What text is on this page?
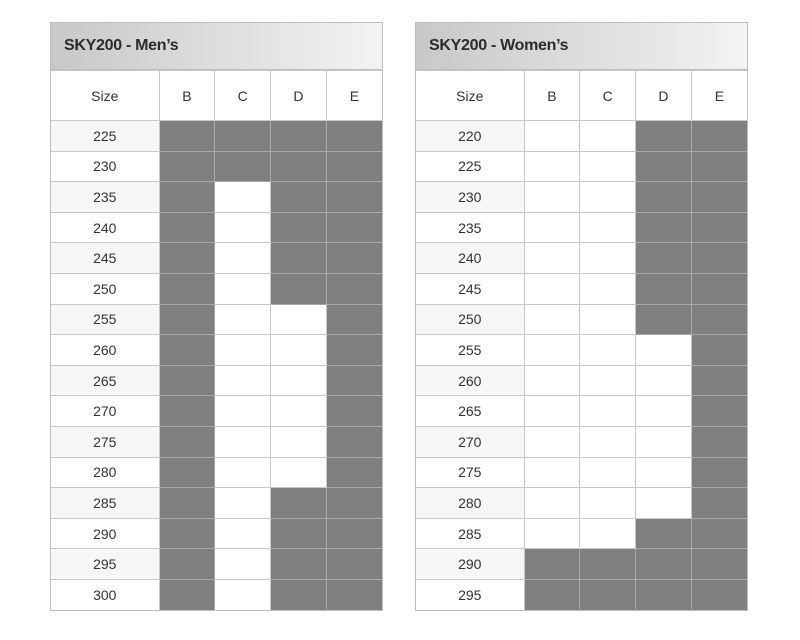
SKY200 - Men’s
Size	B	C	D	E
225				
230				
235				
240				
245				
250				
255				
260				
265				
270				
275				
280				
285				
290				
295				
300				
SKY200 - Women’s
Size	B	C	D	E
220				
225				
230				
235				
240				
245				
250				
255				
260				
265				
270				
275				
280				
285				
290				
295				
